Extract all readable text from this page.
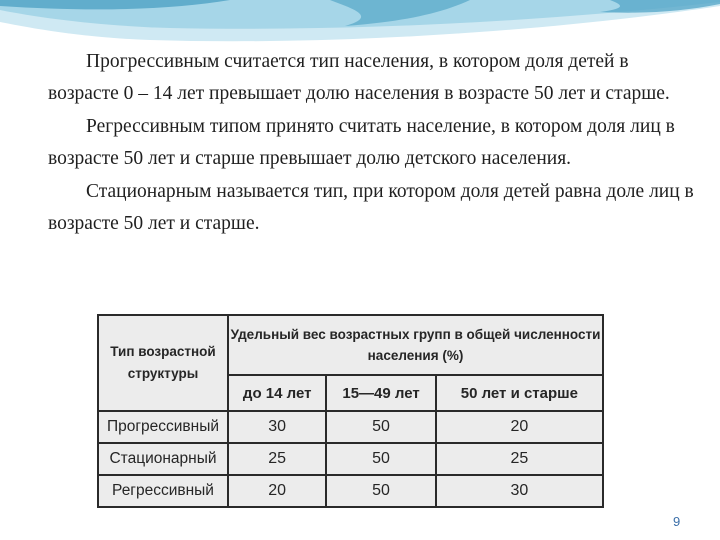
Прогрессивным считается тип населения, в котором доля детей в возрасте 0 – 14 лет превышает долю населения в возрасте 50 лет и старше.

Регрессивным типом принято считать население, в котором доля лиц в возрасте 50 лет и старше превышает долю детского населения.

Стационарным называется тип, при котором доля детей равна доле лиц в возрасте 50 лет и старше.

Тип возрастной структуры	Удельный вес возрастных групп в общей численности населения (%)		
	до 14 лет	15—49 лет	50 лет и старше
Прогрессивный	30	50	20
Стационарный	25	50	25
Регрессивный	20	50	30
9
